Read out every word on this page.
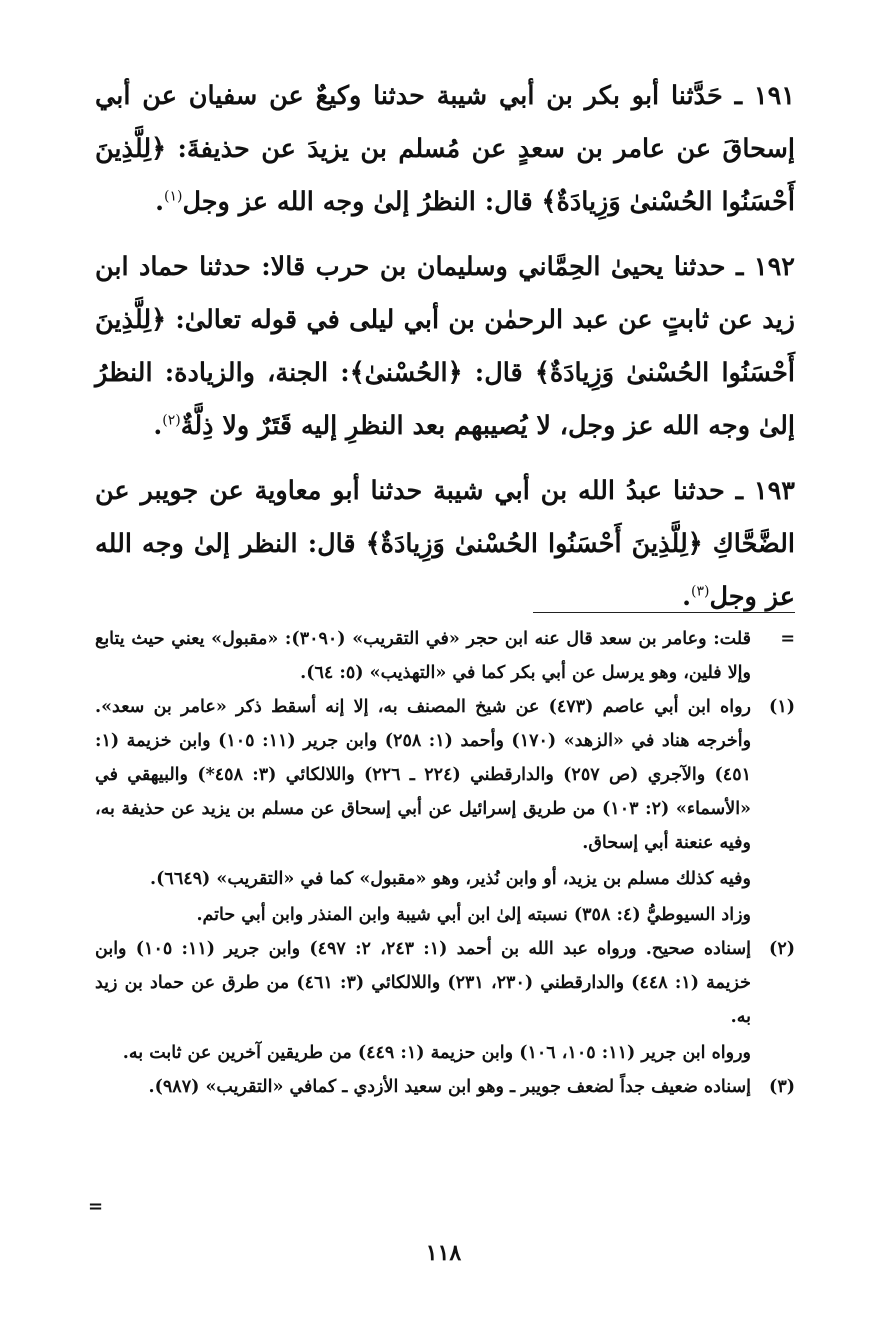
١٩١ ـ حَدَّثنا أبو بكر بن أبي شيبة حدثنا وكيعٌ عن سفيان عن أبي إسحاقَ عن عامر بن سعدٍ عن مُسلم بن يزيدَ عن حذيفةَ: ﴿لِلَّذِينَ أَحْسَنُوا الحُسْنىٰ وَزِيادَةٌ﴾ قال: النظرُ إلىٰ وجه الله عز وجل$^{(١)}$.

١٩٢ ـ حدثنا يحيىٰ الحِمَّاني وسليمان بن حرب قالا: حدثنا حماد ابن زيد عن ثابتٍ عن عبد الرحمٰن بن أبي ليلى في قوله تعالىٰ: ﴿لِلَّذِينَ أَحْسَنُوا الحُسْنىٰ وَزِيادَةٌ﴾ قال: ﴿الحُسْنىٰ﴾: الجنة، والزيادة: النظرُ إلىٰ وجه الله عز وجل، لا يُصيبهم بعد النظرِ إليه قَتَرٌ ولا ذِلَّةٌ$^{(٢)}$.

١٩٣ ـ حدثنا عبدُ الله بن أبي شيبة حدثنا أبو معاوية عن جويبر عن الضَّحَّاكِ ﴿لِلَّذِينَ أَحْسَنُوا الحُسْنىٰ وَزِيادَةٌ﴾ قال: النظر إلىٰ وجه الله عز وجل$^{(٣)}$.

=

قلت: وعامر بن سعد قال عنه ابن حجر «في التقريب» (٣٠٩٠): «مقبول» يعني حيث يتابع وإلا فلين، وهو يرسل عن أبي بكر كما في «التهذيب» (٥: ٦٤).

(١)

رواه ابن أبي عاصم (٤٧٣) عن شيخ المصنف به، إلا إنه أسقط ذكر «عامر بن سعد». وأخرجه هناد في «الزهد» (١٧٠) وأحمد (١: ٢٥٨) وابن جرير (١١: ١٠٥) وابن خزيمة (١: ٤٥١) والآجري (ص ٢٥٧) والدارقطني (٢٢٤ ـ ٢٢٦) واللالكائي (٣: ٤٥٨*) والبيهقي في «الأسماء» (٢: ١٠٣) من طريق إسرائيل عن أبي إسحاق عن مسلم بن يزيد عن حذيفة به، وفيه عنعنة أبي إسحاق.

وفيه كذلك مسلم بن يزيد، أو وابن نُذير، وهو «مقبول» كما في «التقريب» (٦٦٤٩).

وزاد السيوطيُّ (٤: ٣٥٨) نسبته إلىٰ ابن أبي شيبة وابن المنذر وابن أبي حاتم.

(٢)

إسناده صحيح. ورواه عبد الله بن أحمد (١: ٢٤٣، ٢: ٤٩٧) وابن جرير (١١: ١٠٥) وابن خزيمة (١: ٤٤٨) والدارقطني (٢٣٠، ٢٣١) واللالكائي (٣: ٤٦١) من طرق عن حماد بن زيد به.

ورواه ابن جرير (١١: ١٠٥، ١٠٦) وابن حزيمة (١: ٤٤٩) من طريقين آخرين عن ثابت به.

(٣)

إسناده ضعيف جداً لضعف جويبر ـ وهو ابن سعيد الأزدي ـ كمافي «التقريب» (٩٨٧).

=
١١٨
